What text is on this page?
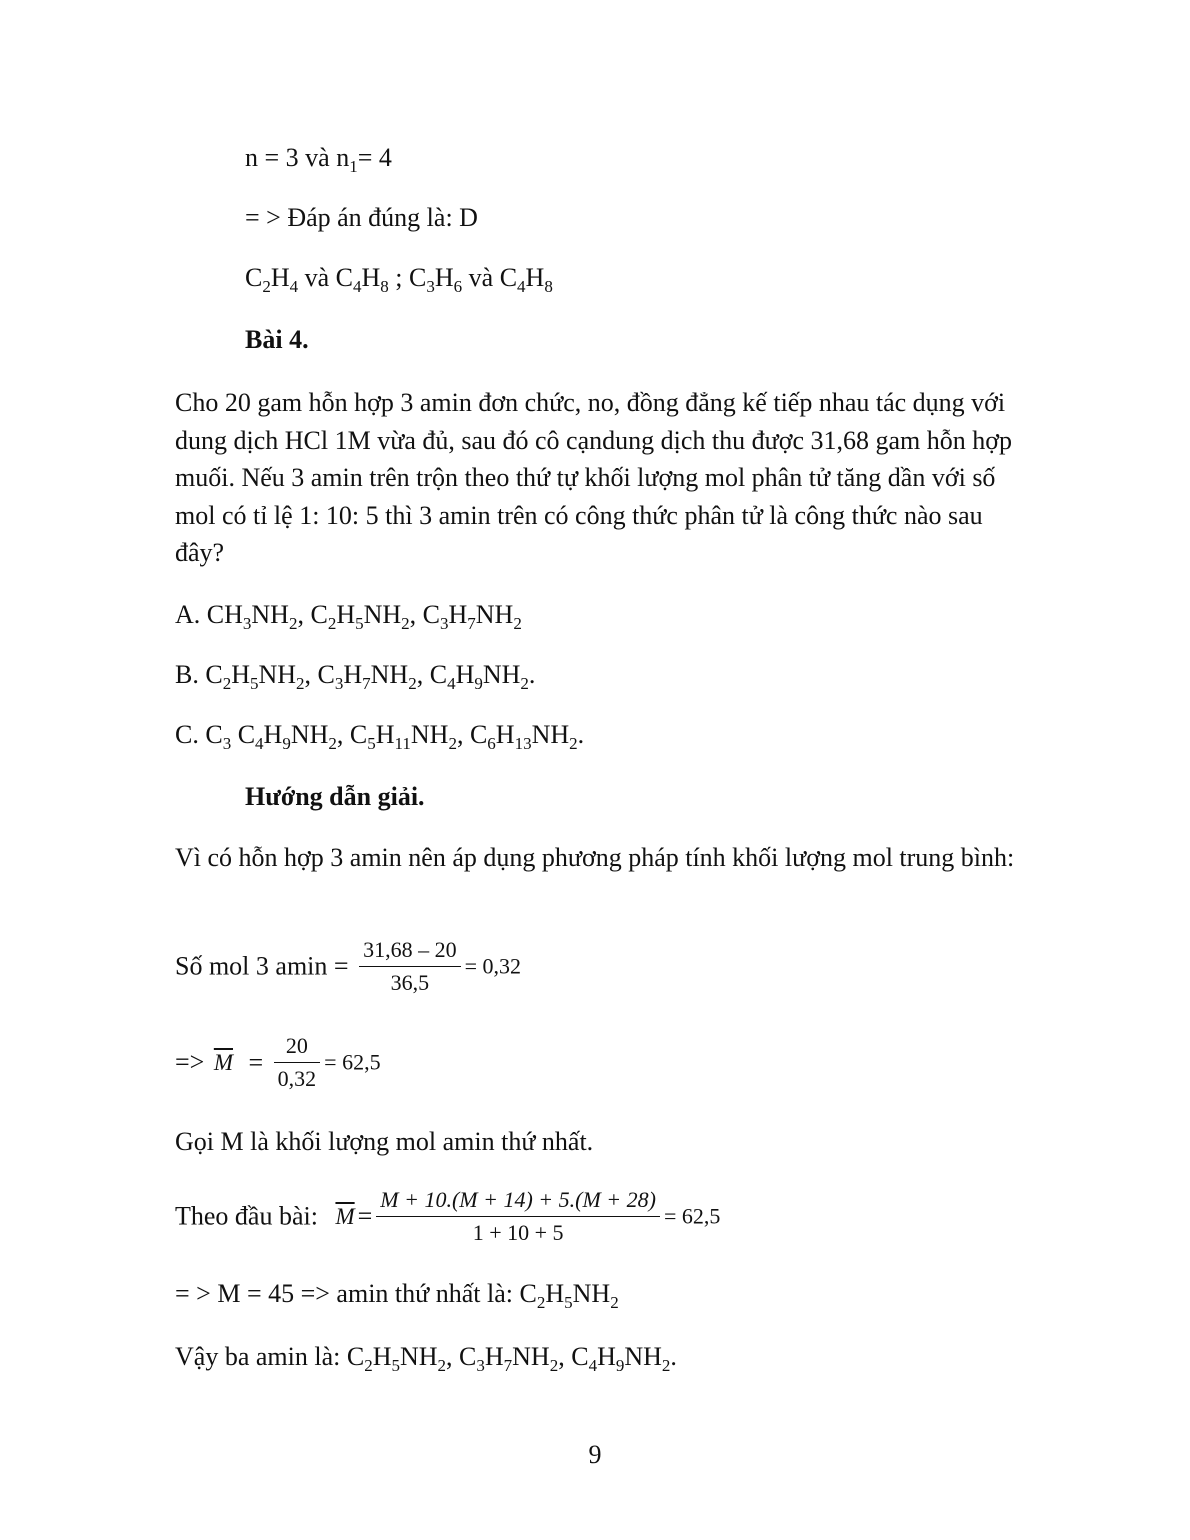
n = 3 và $n_1= 4$
= > Đáp án đúng là: D
$C_2H_4$ và $C_4H_8$ ; $C_3H_6$ và $C_4H_8$
Bài 4.
Cho 20 gam hỗn hợp 3 amin đơn chức, no, đồng đẳng kế tiếp nhau tác dụng với dung dịch HCl 1M vừa đủ, sau đó cô cạndung dịch thu được 31,68 gam hỗn hợp muối. Nếu 3 amin trên trộn theo thứ tự khối lượng mol phân tử tăng dần với số mol có tỉ lệ 1: 10: 5 thì 3 amin trên có công thức phân tử là công thức nào sau đây?
A. $CH_3NH_2$, $C_2H_5NH_2$, $C_3H_7NH_2$
B. $C_2H_5NH_2$, $C_3H_7NH_2$, $C_4H_9NH_2$.
C. $C_3$ $C_4H_9NH_2$, $C_5H_{11}NH_2$, $C_6H_{13}NH_2$.
Hướng dẫn giải.
Vì có hỗn hợp 3 amin nên áp dụng phương pháp tính khối lượng mol trung bình:
Số mol 3 $amin = \frac{31,68 - 20}{36,5} = 0,32$
=> $\overline{M} = \frac{20}{0,32} = 62,5$
Gọi M là khối lượng mol amin thứ nhất.
Theo đầu bài: $\overline{M} = \frac{M + 10.(M + 14) + 5.(M + 28)}{1 + 10 + 5} = 62,5$
= > M = 45 => amin thứ nhất là: $C_2H_5NH_2$
Vậy ba amin là: $C_2H_5NH_2$, $C_3H_7NH_2$, $C_4H_9NH_2$.
9
